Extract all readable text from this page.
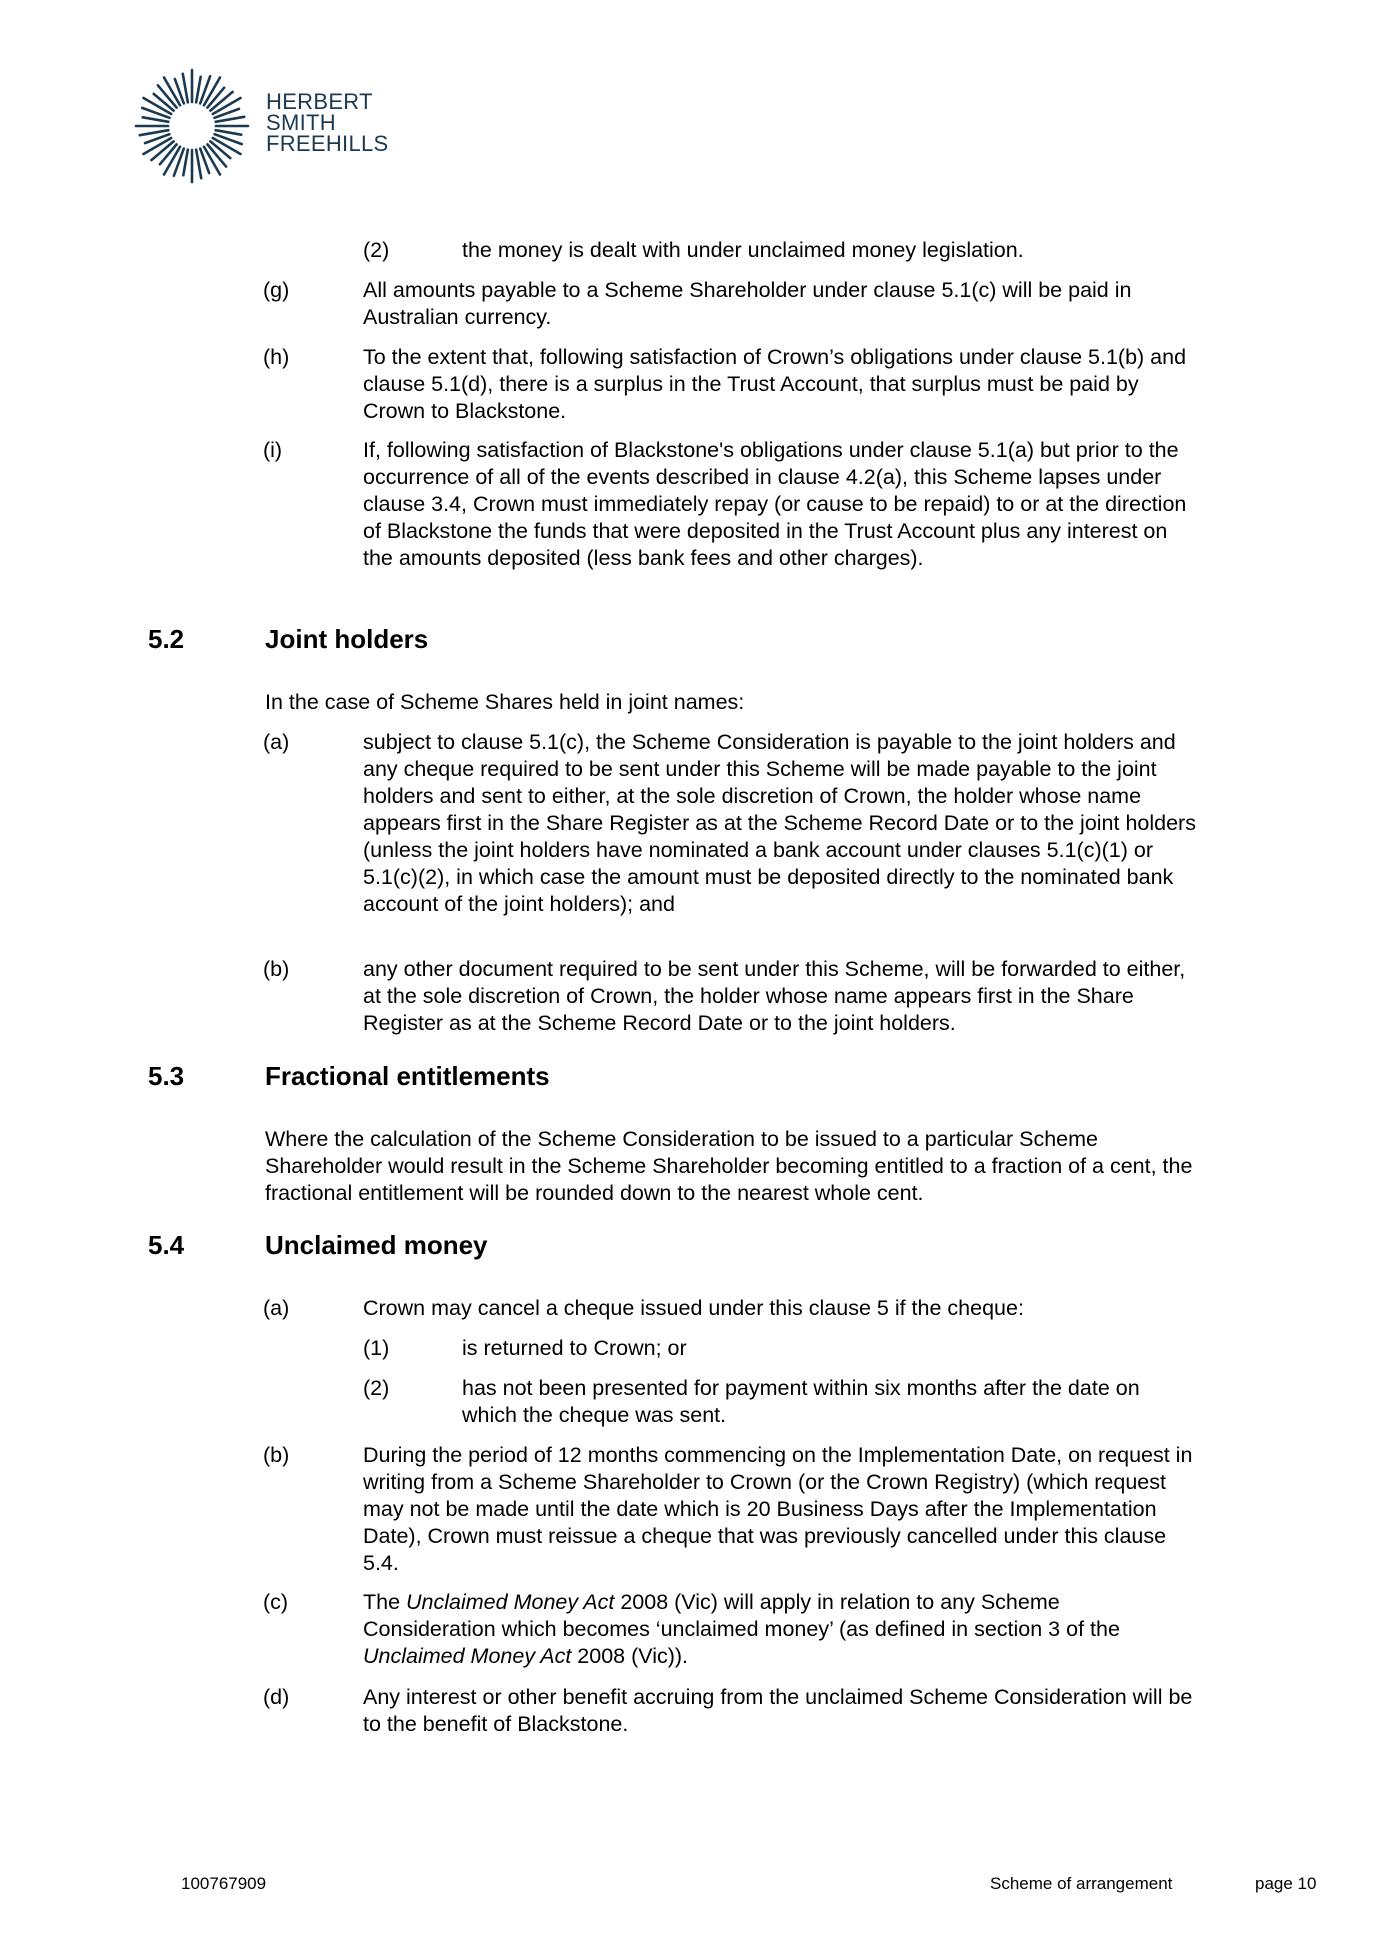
HERBERT
SMITH
FREEHILLS
(2)	the money is dealt with under unclaimed money legislation.
(g)	All amounts payable to a Scheme Shareholder under clause 5.1(c) will be paid in Australian currency.
(h)	To the extent that, following satisfaction of Crown’s obligations under clause 5.1(b) and clause 5.1(d), there is a surplus in the Trust Account, that surplus must be paid by Crown to Blackstone.
(i)	If, following satisfaction of Blackstone's obligations under clause 5.1(a) but prior to the occurrence of all of the events described in clause 4.2(a), this Scheme lapses under clause 3.4, Crown must immediately repay (or cause to be repaid) to or at the direction of Blackstone the funds that were deposited in the Trust Account plus any interest on the amounts deposited (less bank fees and other charges).
5.2	Joint holders
In the case of Scheme Shares held in joint names:
(a)	subject to clause 5.1(c), the Scheme Consideration is payable to the joint holders and any cheque required to be sent under this Scheme will be made payable to the joint holders and sent to either, at the sole discretion of Crown, the holder whose name appears first in the Share Register as at the Scheme Record Date or to the joint holders (unless the joint holders have nominated a bank account under clauses 5.1(c)(1) or 5.1(c)(2), in which case the amount must be deposited directly to the nominated bank account of the joint holders); and
(b)	any other document required to be sent under this Scheme, will be forwarded to either, at the sole discretion of Crown, the holder whose name appears first in the Share Register as at the Scheme Record Date or to the joint holders.
5.3	Fractional entitlements
Where the calculation of the Scheme Consideration to be issued to a particular Scheme Shareholder would result in the Scheme Shareholder becoming entitled to a fraction of a cent, the fractional entitlement will be rounded down to the nearest whole cent.
5.4	Unclaimed money
(a)	Crown may cancel a cheque issued under this clause 5 if the cheque:
(1)	is returned to Crown; or
(2)	has not been presented for payment within six months after the date on which the cheque was sent.
(b)	During the period of 12 months commencing on the Implementation Date, on request in writing from a Scheme Shareholder to Crown (or the Crown Registry) (which request may not be made until the date which is 20 Business Days after the Implementation Date), Crown must reissue a cheque that was previously cancelled under this clause 5.4.
(c)	The Unclaimed Money Act 2008 (Vic) will apply in relation to any Scheme Consideration which becomes ‘unclaimed money’ (as defined in section 3 of the Unclaimed Money Act 2008 (Vic)).
(d)	Any interest or other benefit accruing from the unclaimed Scheme Consideration will be to the benefit of Blackstone.
100767909	Scheme of arrangement	page 10
